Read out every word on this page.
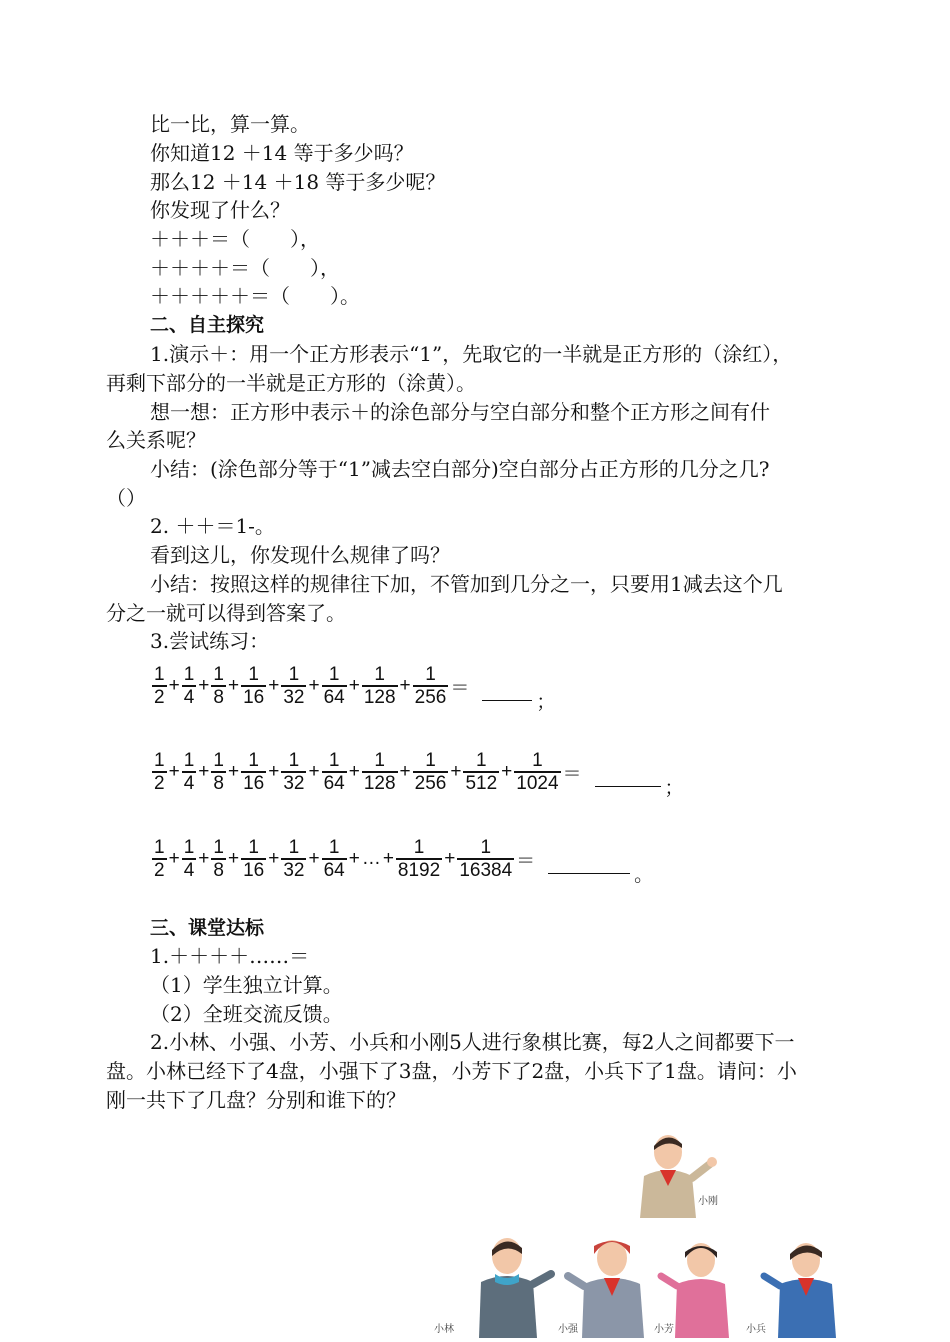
比一比，算一算。
你知道12 ＋14 等于多少吗？
那么12 ＋14 ＋18 等于多少呢？
你发现了什么？
＋＋＋＝（　　），
＋＋＋＋＝（　　），
＋＋＋＋＋＝（　　）。
二、自主探究
1.演示＋：用一个正方形表示“1”，先取它的一半就是正方形的（涂红），
再剩下部分的一半就是正方形的（涂黄）。
想一想：正方形中表示＋的涂色部分与空白部分和整个正方形之间有什
么关系呢？
小结：(涂色部分等于“1”减去空白部分)空白部分占正方形的几分之几?
（）
2. ＋＋＝1-。
看到这儿，你发现什么规律了吗？
小结：按照这样的规律往下加，不管加到几分之一，只要用1减去这个几
分之一就可以得到答案了。
3.尝试练习：
$\frac{1}{2} + \frac{1}{4} + \frac{1}{8} + \frac{1}{16} + \frac{1}{32} + \frac{1}{64} + \frac{1}{128} + \frac{1}{256}$ ＝
；
$\frac{1}{2} + \frac{1}{4} + \frac{1}{8} + \frac{1}{16} + \frac{1}{32} + \frac{1}{64} + \frac{1}{128} + \frac{1}{256} + \frac{1}{512} + \frac{1}{1024}$ ＝
；
$\frac{1}{2} + \frac{1}{4} + \frac{1}{8} + \frac{1}{16} + \frac{1}{32} + \frac{1}{64}$ + … + $\frac{1}{8192} + \frac{1}{16384}$ ＝
。
三、课堂达标
1.＋＋＋＋……＝
（1）学生独立计算。
（2）全班交流反馈。
2.小林、小强、小芳、小兵和小刚5人进行象棋比赛，每2人之间都要下一
盘。小林已经下了4盘，小强下了3盘，小芳下了2盘，小兵下了1盘。请问：小
刚一共下了几盘？分别和谁下的？
小刚
小林	小强	小芳	小兵
